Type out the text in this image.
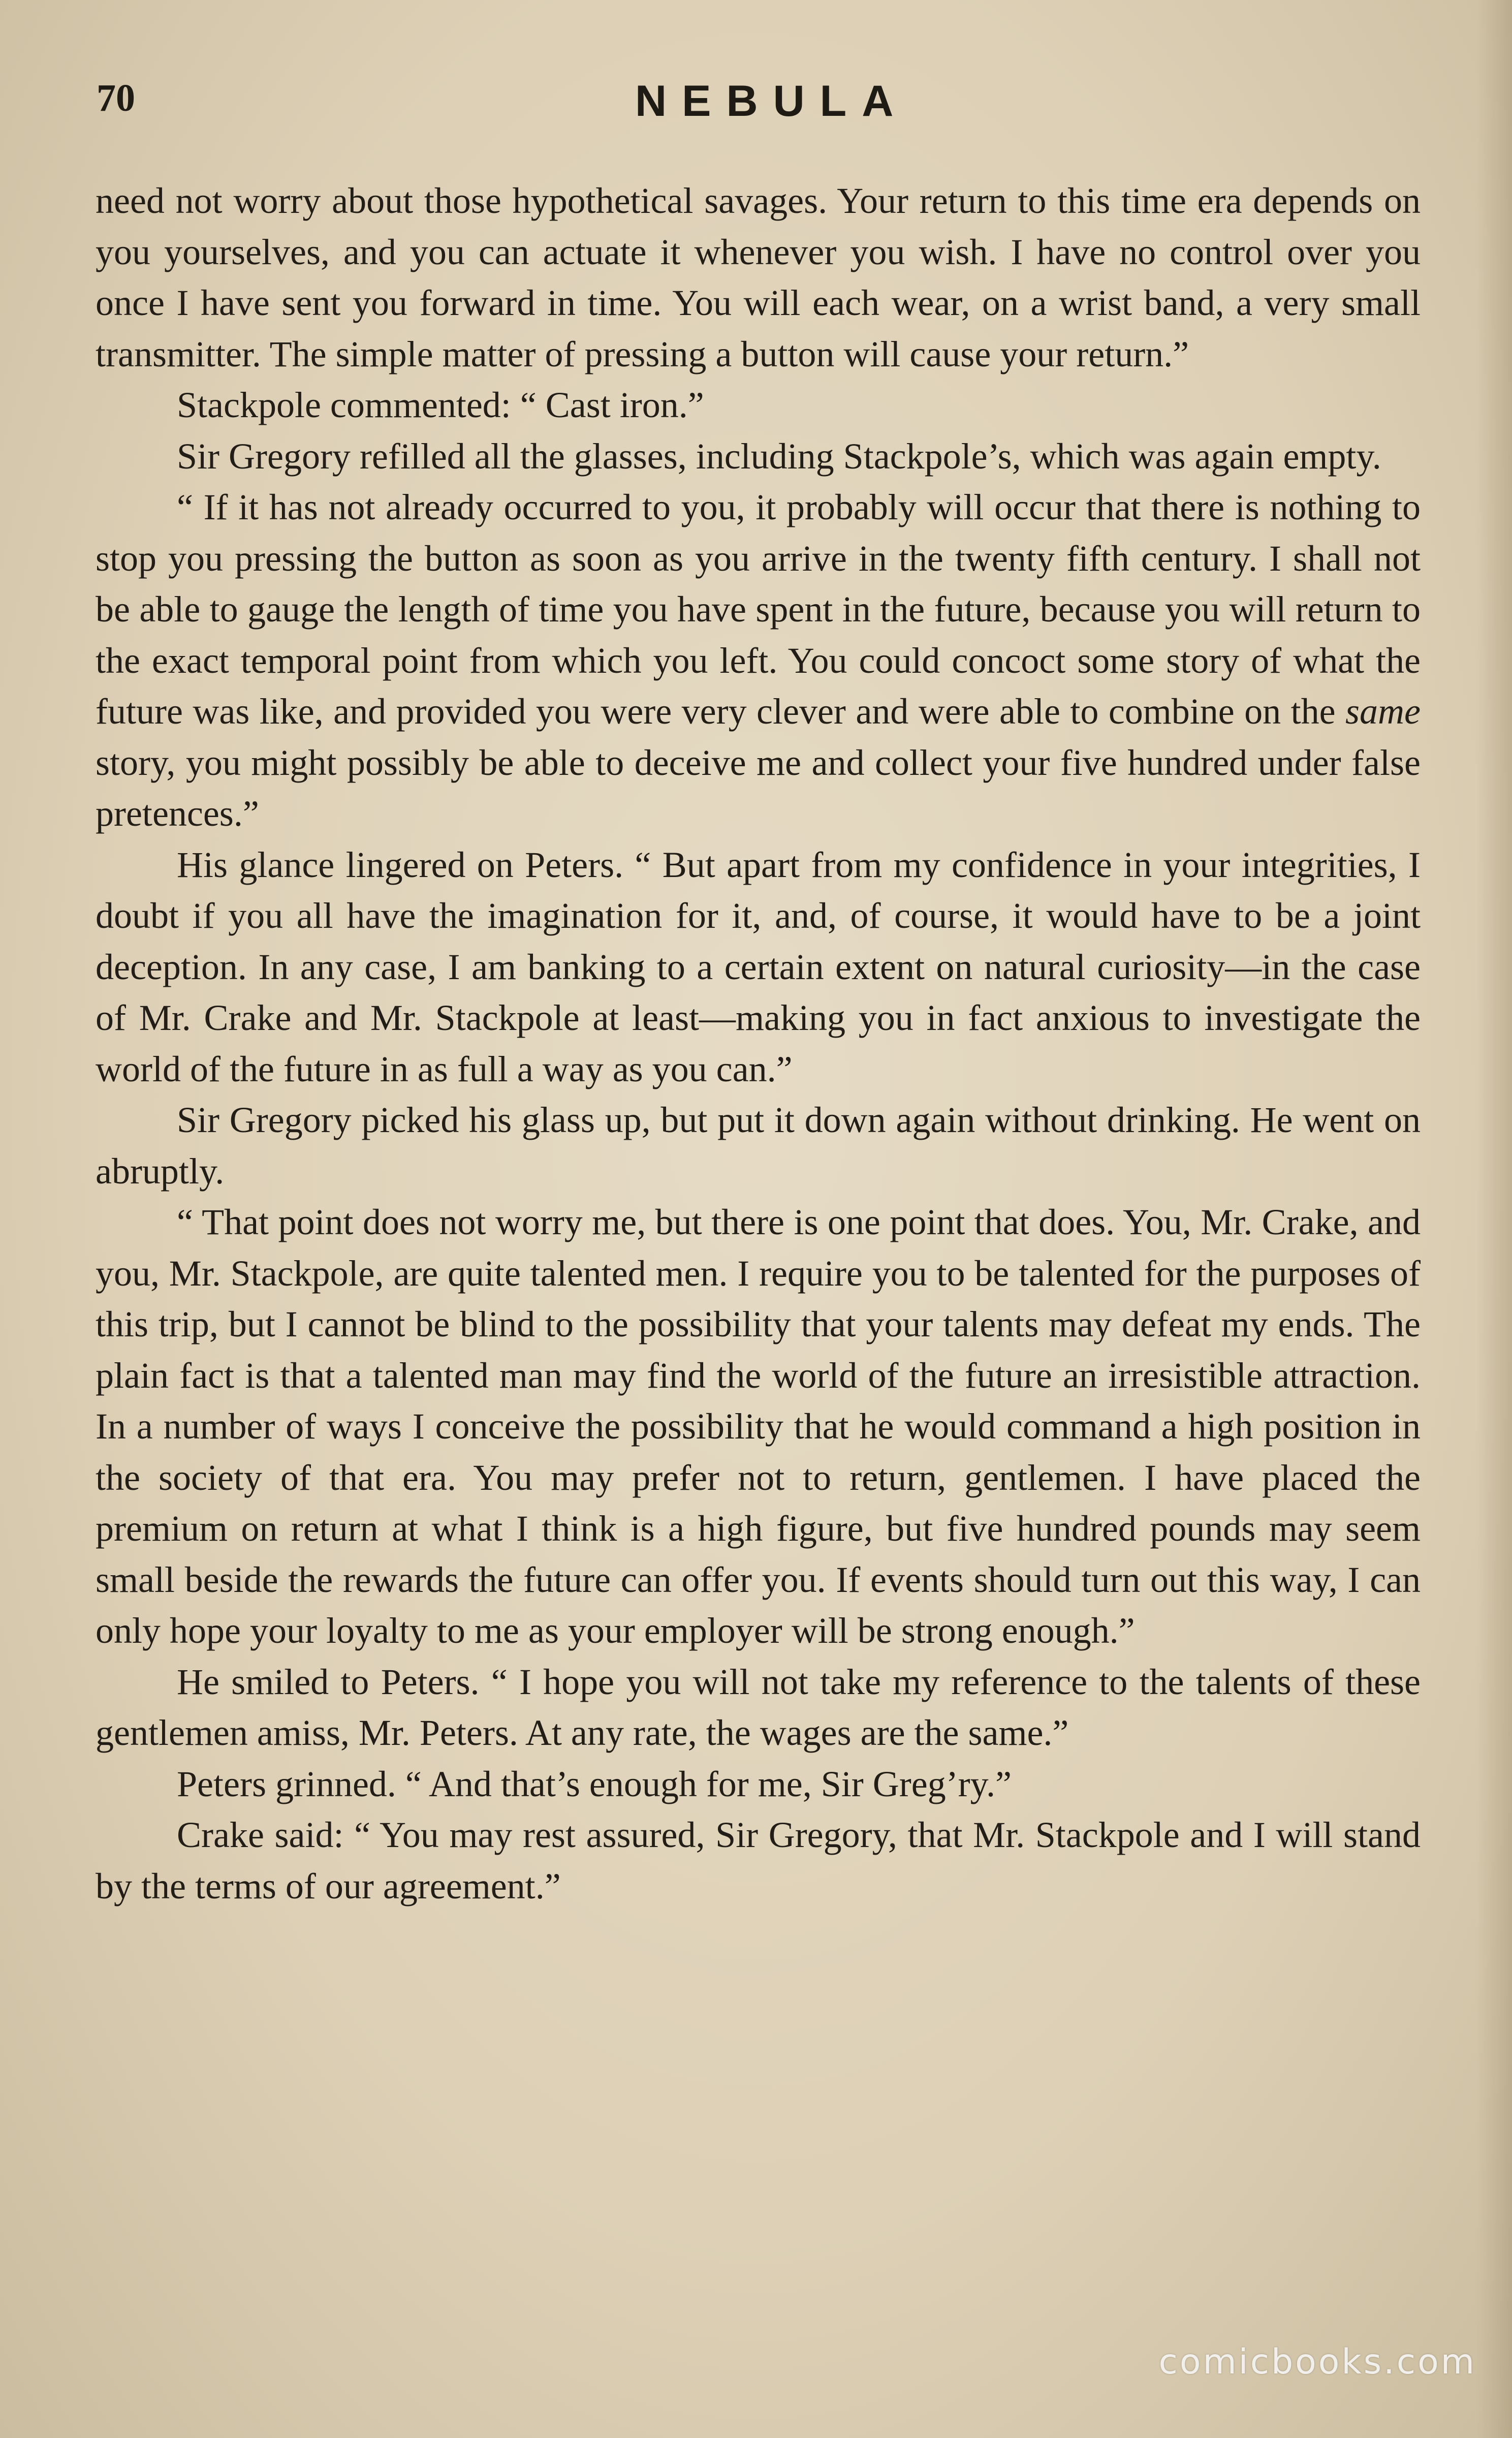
70	NEBULA

need not worry about those hypothetical savages. Your return to this time era depends on you yourselves, and you can actuate it whenever you wish. I have no control over you once I have sent you forward in time. You will each wear, on a wrist band, a very small transmitter. The simple matter of pressing a button will cause your return.”

Stackpole commented: “ Cast iron.”

Sir Gregory refilled all the glasses, including Stackpole’s, which was again empty.

“ If it has not already occurred to you, it probably will occur that there is nothing to stop you pressing the button as soon as you arrive in the twenty fifth century. I shall not be able to gauge the length of time you have spent in the future, because you will return to the exact temporal point from which you left. You could concoct some story of what the future was like, and provided you were very clever and were able to combine on the same story, you might possibly be able to deceive me and collect your five hundred under false pretences.”

His glance lingered on Peters. “ But apart from my confidence in your integrities, I doubt if you all have the imagination for it, and, of course, it would have to be a joint deception. In any case, I am banking to a certain extent on natural curiosity—in the case of Mr. Crake and Mr. Stackpole at least—making you in fact anxious to investigate the world of the future in as full a way as you can.”

Sir Gregory picked his glass up, but put it down again without drinking. He went on abruptly.

“ That point does not worry me, but there is one point that does. You, Mr. Crake, and you, Mr. Stackpole, are quite talented men. I require you to be talented for the purposes of this trip, but I cannot be blind to the possibility that your talents may defeat my ends. The plain fact is that a talented man may find the world of the future an irresistible attraction. In a number of ways I conceive the possibility that he would command a high position in the society of that era. You may prefer not to return, gentlemen. I have placed the premium on return at what I think is a high figure, but five hundred pounds may seem small beside the rewards the future can offer you. If events should turn out this way, I can only hope your loyalty to me as your employer will be strong enough.”

He smiled to Peters. “ I hope you will not take my reference to the talents of these gentlemen amiss, Mr. Peters. At any rate, the wages are the same.”

Peters grinned. “ And that’s enough for me, Sir Greg’ry.”

Crake said: “ You may rest assured, Sir Gregory, that Mr. Stackpole and I will stand by the terms of our agreement.”

comicbooks.com
